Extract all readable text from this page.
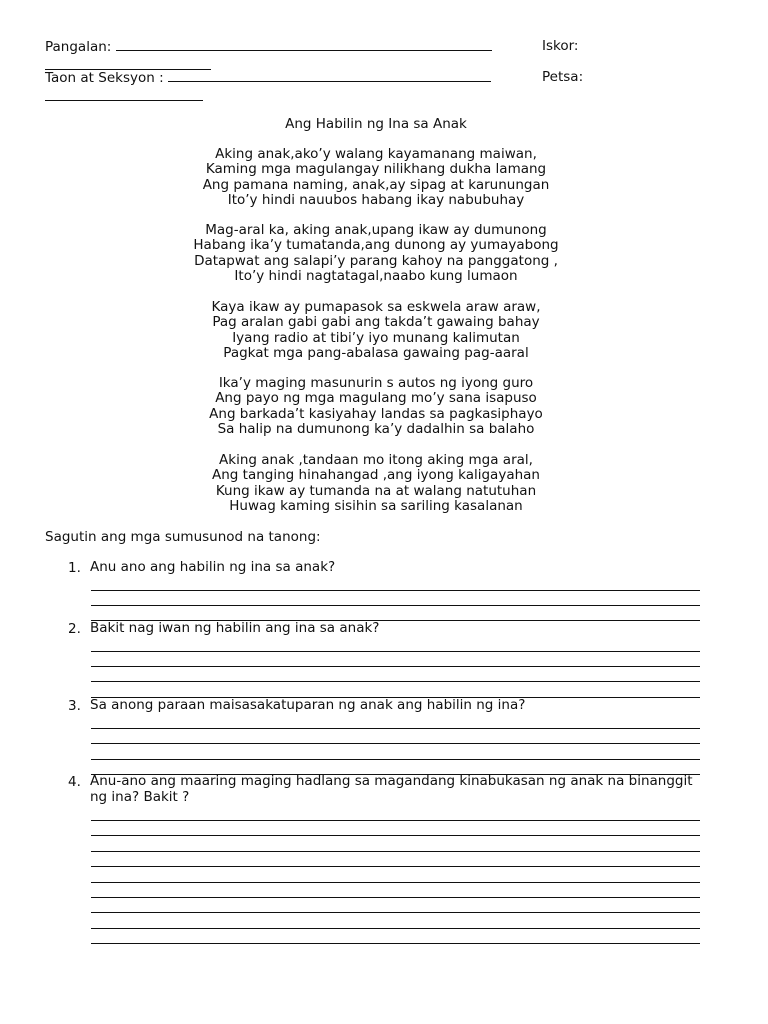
Pangalan:	Iskor:
Taon at Seksyon :	Petsa:
Ang Habilin ng Ina sa Anak
Aking anak,ako’y walang kayamanang maiwan,
Kaming mga magulangay nilikhang dukha lamang
Ang pamana naming, anak,ay sipag at karunungan
Ito’y hindi nauubos habang ikay nabubuhay
Mag-aral ka, aking anak,upang ikaw ay dumunong
Habang ika’y tumatanda,ang dunong ay yumayabong
Datapwat ang salapi’y parang kahoy na panggatong ,
Ito’y hindi nagtatagal,naabo kung lumaon
Kaya ikaw ay pumapasok sa eskwela araw araw,
Pag aralan gabi gabi ang takda’t gawaing bahay
Iyang radio at tibi’y iyo munang kalimutan
Pagkat mga pang-abalasa gawaing pag-aaral
Ika’y maging masunurin s autos ng iyong guro
Ang payo ng mga magulang mo’y sana isapuso
Ang barkada’t kasiyahay landas sa pagkasiphayo
Sa halip na dumunong ka’y dadalhin sa balaho
Aking anak ,tandaan mo itong aking mga aral,
Ang tanging hinahangad ,ang iyong kaligayahan
Kung ikaw ay tumanda na at walang natutuhan
Huwag kaming sisihin sa sariling kasalanan
Sagutin ang mga sumusunod na tanong:
1. Anu ano ang habilin ng ina sa anak?
2. Bakit nag iwan ng habilin ang ina sa anak?
3. Sa anong paraan maisasakatuparan ng anak ang habilin ng ina?
4. Anu-ano ang maaring maging hadlang sa magandang kinabukasan ng anak na binanggit ng ina? Bakit ?
